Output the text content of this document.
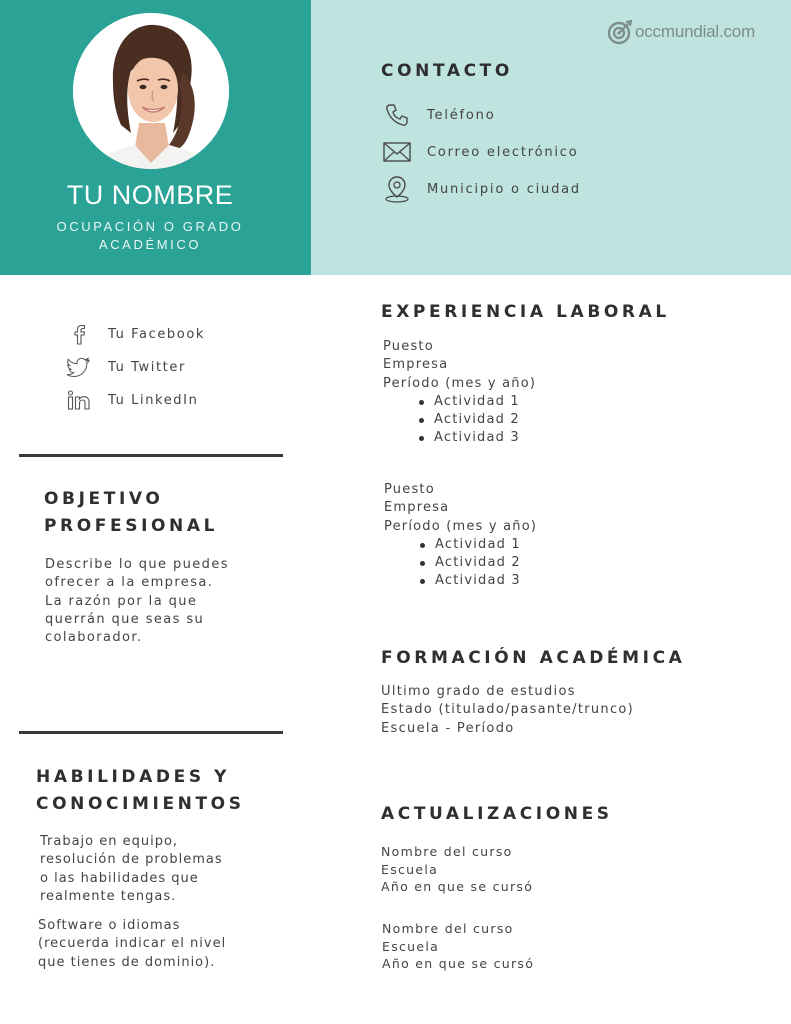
TU NOMBRE
OCUPACIÓN O GRADO ACADÉMICO
occmundial.com
CONTACTO
Teléfono
Correo electrónico
Municipio o ciudad
Tu Facebook
Tu Twitter
Tu LinkedIn
OBJETIVO
PROFESIONAL
Describe lo que puedes
ofrecer a la empresa.
La razón por la que
querrán que seas su
colaborador.
HABILIDADES Y
CONOCIMIENTOS
Trabajo en equipo,
resolución de problemas
o las habilidades que
realmente tengas.
Software o idiomas
(recuerda indicar el nivel
que tienes de dominio).
EXPERIENCIA LABORAL
Puesto
Empresa
Período (mes y año)
Actividad 1
Actividad 2
Actividad 3
Puesto
Empresa
Período (mes y año)
Actividad 1
Actividad 2
Actividad 3
FORMACIÓN ACADÉMICA
Ultimo grado de estudios
Estado (titulado/pasante/trunco)
Escuela - Período
ACTUALIZACIONES
Nombre del curso
Escuela
Año en que se cursó
Nombre del curso
Escuela
Año en que se cursó
